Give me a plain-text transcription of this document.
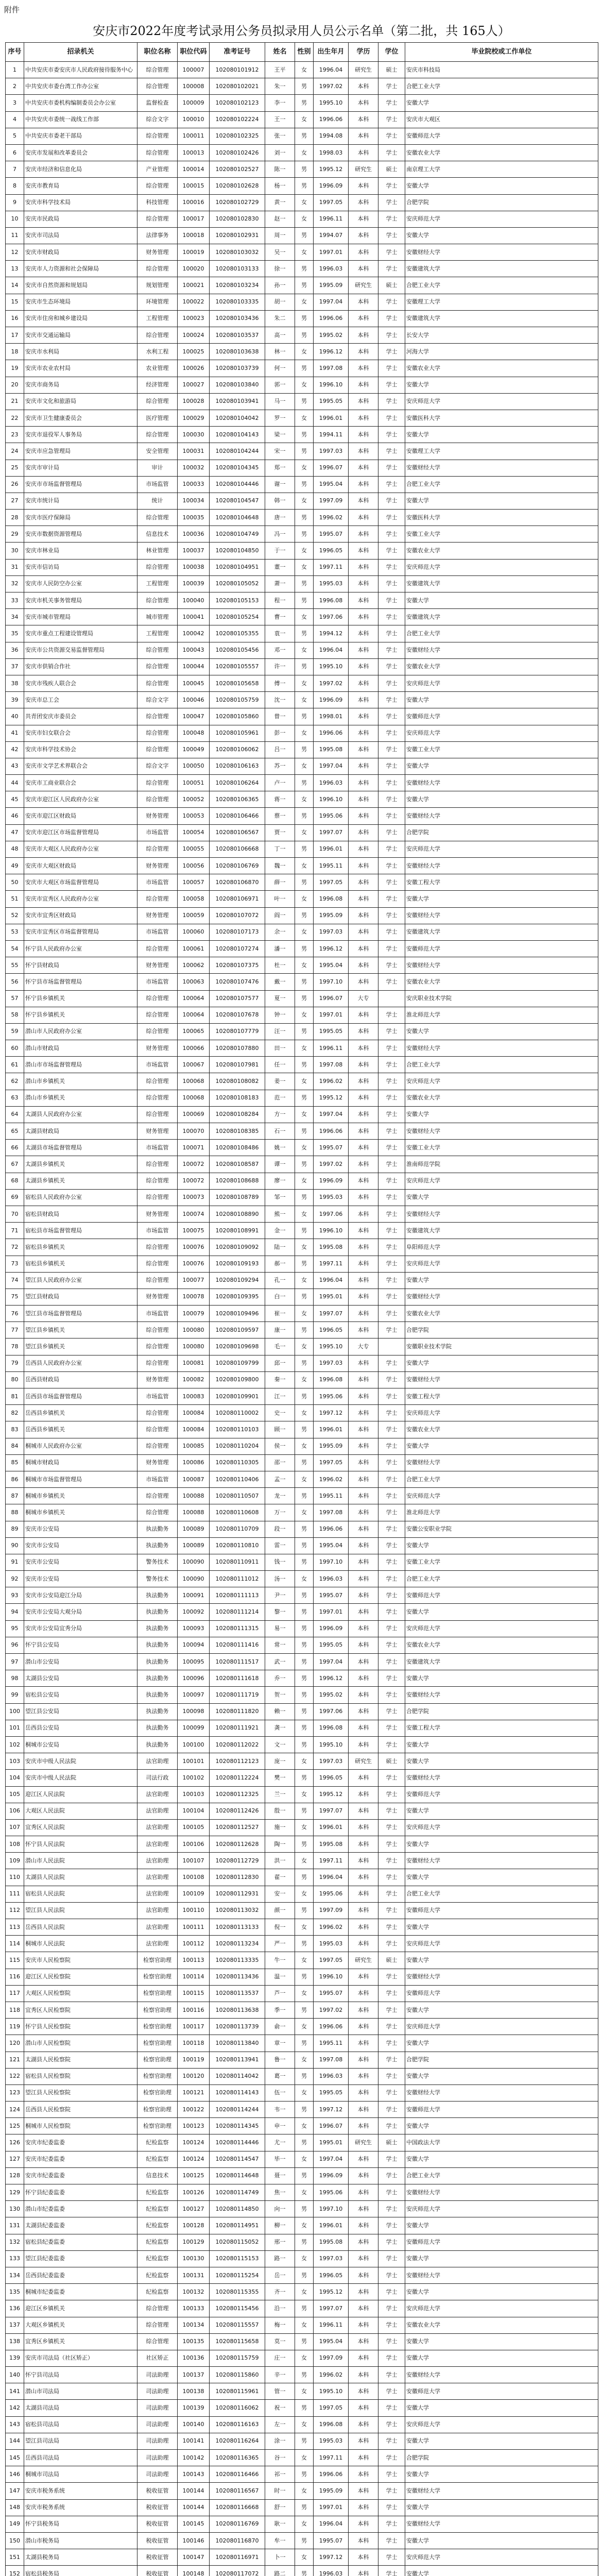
附件
安庆市2022年度考试录用公务员拟录用人员公示名单（第二批，共 165人）
序号	招录机关	职位名称	职位代码	准考证号	姓名	性别	出生年月	学历	学位	毕业院校或工作单位
1	中共安庆市委安庆市人民政府接待服务中心	综合管理	100007	102080101912	王平	女	1996.04	研究生	硕士	安庆市科技局
2	中共安庆市委台湾工作办公室	综合管理	100008	102080102021	朱一	男	1997.02	本科	学士	合肥工业大学
3	中共安庆市委机构编制委员会办公室	监督检查	100009	102080102123	李一	男	1995.10	本科	学士	安徽大学
4	中共安庆市委统一战线工作部	综合文字	100010	102080102224	王一	女	1996.06	本科	学士	安庆市大观区
5	中共安庆市委老干部局	综合管理	100011	102080102325	张一	男	1994.08	本科	学士	安徽师范大学
6	安庆市发展和改革委员会	综合管理	100013	102080102426	刘一	女	1998.03	本科	学士	安徽农业大学
7	安庆市经济和信息化局	产业管理	100014	102080102527	陈一	男	1995.12	研究生	硕士	南京理工大学
8	安庆市教育局	综合管理	100015	102080102628	杨一	男	1996.09	本科	学士	安徽大学
9	安庆市科学技术局	科技管理	100016	102080102729	黄一	女	1997.05	本科	学士	合肥学院
10	安庆市民政局	综合管理	100017	102080102830	赵一	女	1996.11	本科	学士	安庆师范大学
11	安庆市司法局	法律事务	100018	102080102931	周一	男	1994.07	本科	学士	安徽大学
12	安庆市财政局	财务管理	100019	102080103032	吴一	女	1997.01	本科	学士	安徽财经大学
13	安庆市人力资源和社会保障局	综合管理	100020	102080103133	徐一	男	1996.03	本科	学士	安徽建筑大学
14	安庆市自然资源和规划局	规划管理	100021	102080103234	孙一	男	1995.09	研究生	硕士	合肥工业大学
15	安庆市生态环境局	环境管理	100022	102080103335	胡一	女	1997.04	本科	学士	安徽理工大学
16	安庆市住房和城乡建设局	工程管理	100023	102080103436	朱二	男	1996.06	本科	学士	安徽建筑大学
17	安庆市交通运输局	综合管理	100024	102080103537	高一	男	1995.02	本科	学士	长安大学
18	安庆市水利局	水利工程	100025	102080103638	林一	女	1996.12	本科	学士	河海大学
19	安庆市农业农村局	农业管理	100026	102080103739	何一	男	1997.08	本科	学士	安徽农业大学
20	安庆市商务局	经济管理	100027	102080103840	郭一	女	1996.10	本科	学士	安徽大学
21	安庆市文化和旅游局	综合管理	100028	102080103941	马一	男	1995.05	本科	学士	安庆师范大学
22	安庆市卫生健康委员会	医疗管理	100029	102080104042	罗一	女	1996.01	本科	学士	安徽医科大学
23	安庆市退役军人事务局	综合管理	100030	102080104143	梁一	男	1994.11	本科	学士	安徽大学
24	安庆市应急管理局	安全管理	100031	102080104244	宋一	男	1997.03	本科	学士	安徽理工大学
25	安庆市审计局	审计	100032	102080104345	郑一	女	1996.07	本科	学士	安徽财经大学
26	安庆市市场监督管理局	市场监管	100033	102080104446	谢一	男	1995.04	本科	学士	合肥工业大学
27	安庆市统计局	统计	100034	102080104547	韩一	女	1997.09	本科	学士	安徽大学
28	安庆市医疗保障局	综合管理	100035	102080104648	唐一	男	1996.02	本科	学士	安徽医科大学
29	安庆市数据资源管理局	信息技术	100036	102080104749	冯一	男	1995.07	本科	学士	安徽工业大学
30	安庆市林业局	林业管理	100037	102080104850	于一	女	1996.05	本科	学士	安徽农业大学
31	安庆市信访局	综合管理	100038	102080104951	董一	女	1997.11	本科	学士	安庆师范大学
32	安庆市人民防空办公室	工程管理	100039	102080105052	萧一	男	1995.03	本科	学士	安徽建筑大学
33	安庆市机关事务管理局	综合管理	100040	102080105153	程一	男	1996.08	本科	学士	安徽大学
34	安庆市城市管理局	城市管理	100041	102080105254	曹一	女	1997.06	本科	学士	安徽建筑大学
35	安庆市重点工程建设管理局	工程管理	100042	102080105355	袁一	男	1994.12	本科	学士	合肥工业大学
36	安庆市公共资源交易监督管理局	综合管理	100043	102080105456	邓一	女	1996.04	本科	学士	安徽财经大学
37	安庆市供销合作社	综合管理	100044	102080105557	许一	男	1995.10	本科	学士	安徽农业大学
38	安庆市残疾人联合会	综合管理	100045	102080105658	傅一	女	1997.02	本科	学士	安庆师范大学
39	安庆市总工会	综合文字	100046	102080105759	沈一	女	1996.09	本科	学士	安徽大学
40	共青团安庆市委员会	综合管理	100047	102080105860	曾一	男	1998.01	本科	学士	安徽师范大学
41	安庆市妇女联合会	综合管理	100048	102080105961	彭一	女	1996.06	本科	学士	安庆师范大学
42	安庆市科学技术协会	综合管理	100049	102080106062	吕一	男	1995.08	本科	学士	安徽工业大学
43	安庆市文学艺术界联合会	综合文字	100050	102080106163	苏一	女	1997.04	本科	学士	安徽大学
44	安庆市工商业联合会	综合管理	100051	102080106264	卢一	男	1996.03	本科	学士	安徽财经大学
45	安庆市迎江区人民政府办公室	综合管理	100052	102080106365	蒋一	女	1996.10	本科	学士	安徽大学
46	安庆市迎江区财政局	财务管理	100053	102080106466	蔡一	男	1995.06	本科	学士	安徽财经大学
47	安庆市迎江区市场监督管理局	市场监管	100054	102080106567	贾一	女	1997.07	本科	学士	合肥学院
48	安庆市大观区人民政府办公室	综合管理	100055	102080106668	丁一	男	1996.01	本科	学士	安庆师范大学
49	安庆市大观区财政局	财务管理	100056	102080106769	魏一	女	1995.11	本科	学士	安徽财经大学
50	安庆市大观区市场监督管理局	市场监管	100057	102080106870	薛一	男	1997.05	本科	学士	安徽工程大学
51	安庆市宜秀区人民政府办公室	综合管理	100058	102080106971	叶一	女	1996.08	本科	学士	安徽大学
52	安庆市宜秀区财政局	财务管理	100059	102080107072	阎一	男	1995.09	本科	学士	安徽财经大学
53	安庆市宜秀区市场监督管理局	市场监管	100060	102080107173	余一	女	1997.03	本科	学士	安徽建筑大学
54	怀宁县人民政府办公室	综合管理	100061	102080107274	潘一	男	1996.12	本科	学士	安徽师范大学
55	怀宁县财政局	财务管理	100062	102080107375	杜一	女	1995.04	本科	学士	安徽财经大学
56	怀宁县市场监督管理局	市场监管	100063	102080107476	戴一	男	1997.10	本科	学士	安徽农业大学
57	怀宁县乡镇机关	综合管理	100064	102080107577	夏一	男	1996.07	大专		安庆职业技术学院
58	怀宁县乡镇机关	综合管理	100064	102080107678	钟一	女	1997.01	本科	学士	淮北师范大学
59	潜山市人民政府办公室	综合管理	100065	102080107779	汪一	男	1995.05	本科	学士	安徽大学
60	潜山市财政局	财务管理	100066	102080107880	田一	女	1996.11	本科	学士	安徽财经大学
61	潜山市市场监督管理局	市场监管	100067	102080107981	任一	男	1997.08	本科	学士	合肥工业大学
62	潜山市乡镇机关	综合管理	100068	102080108082	姜一	女	1996.02	本科	学士	安庆师范大学
63	潜山市乡镇机关	综合管理	100068	102080108183	范一	男	1995.12	本科	学士	安徽农业大学
64	太湖县人民政府办公室	综合管理	100069	102080108284	方一	女	1997.04	本科	学士	安徽大学
65	太湖县财政局	财务管理	100070	102080108385	石一	男	1996.06	本科	学士	安徽财经大学
66	太湖县市场监督管理局	市场监管	100071	102080108486	姚一	女	1995.07	本科	学士	安徽工业大学
67	太湖县乡镇机关	综合管理	100072	102080108587	谭一	男	1997.02	本科	学士	淮南师范学院
68	太湖县乡镇机关	综合管理	100072	102080108688	廖一	女	1996.09	本科	学士	安庆师范大学
69	宿松县人民政府办公室	综合管理	100073	102080108789	邹一	男	1995.03	本科	学士	安徽大学
70	宿松县财政局	财务管理	100074	102080108890	熊一	女	1997.06	本科	学士	安徽财经大学
71	宿松县市场监督管理局	市场监管	100075	102080108991	金一	男	1996.10	本科	学士	安徽建筑大学
72	宿松县乡镇机关	综合管理	100076	102080109092	陆一	女	1995.08	本科	学士	阜阳师范大学
73	宿松县乡镇机关	综合管理	100076	102080109193	郝一	男	1997.11	本科	学士	安庆师范大学
74	望江县人民政府办公室	综合管理	100077	102080109294	孔一	女	1996.04	本科	学士	安徽大学
75	望江县财政局	财务管理	100078	102080109395	白一	男	1995.01	本科	学士	安徽财经大学
76	望江县市场监督管理局	市场监管	100079	102080109496	崔一	女	1997.07	本科	学士	安徽农业大学
77	望江县乡镇机关	综合管理	100080	102080109597	康一	男	1996.05	本科	学士	合肥学院
78	望江县乡镇机关	综合管理	100080	102080109698	毛一	女	1995.10	大专		安徽职业技术学院
79	岳西县人民政府办公室	综合管理	100081	102080109799	邱一	男	1997.03	本科	学士	安徽大学
80	岳西县财政局	财务管理	100082	102080109800	秦一	女	1996.08	本科	学士	安徽财经大学
81	岳西县市场监督管理局	市场监管	100083	102080109901	江一	男	1995.06	本科	学士	安徽工程大学
82	岳西县乡镇机关	综合管理	100084	102080110002	史一	女	1997.12	本科	学士	安庆师范大学
83	岳西县乡镇机关	综合管理	100084	102080110103	顾一	男	1996.01	本科	学士	安徽农业大学
84	桐城市人民政府办公室	综合管理	100085	102080110204	侯一	女	1995.09	本科	学士	安徽大学
85	桐城市财政局	财务管理	100086	102080110305	邵一	男	1997.05	本科	学士	安徽财经大学
86	桐城市市场监督管理局	市场监管	100087	102080110406	孟一	女	1996.02	本科	学士	合肥工业大学
87	桐城市乡镇机关	综合管理	100088	102080110507	龙一	男	1995.11	本科	学士	安庆师范大学
88	桐城市乡镇机关	综合管理	100088	102080110608	万一	女	1997.08	本科	学士	淮北师范大学
89	安庆市公安局	执法勤务	100089	102080110709	段一	男	1996.06	本科	学士	安徽公安职业学院
90	安庆市公安局	执法勤务	100089	102080110810	雷一	男	1995.04	本科	学士	安徽大学
91	安庆市公安局	警务技术	100090	102080110911	钱一	男	1997.10	本科	学士	安徽工业大学
92	安庆市公安局	警务技术	100090	102080111012	汤一	女	1996.03	本科	学士	合肥工业大学
93	安庆市公安局迎江分局	执法勤务	100091	102080111113	尹一	男	1995.07	本科	学士	安徽师范大学
94	安庆市公安局大观分局	执法勤务	100092	102080111214	黎一	男	1997.01	本科	学士	安徽大学
95	安庆市公安局宜秀分局	执法勤务	100093	102080111315	易一	男	1996.09	本科	学士	安庆师范大学
96	怀宁县公安局	执法勤务	100094	102080111416	常一	男	1995.05	本科	学士	安徽农业大学
97	潜山市公安局	执法勤务	100095	102080111517	武一	男	1997.04	本科	学士	安徽建筑大学
98	太湖县公安局	执法勤务	100096	102080111618	乔一	男	1996.12	本科	学士	安徽大学
99	宿松县公安局	执法勤务	100097	102080111719	贺一	男	1995.02	本科	学士	安徽财经大学
100	望江县公安局	执法勤务	100098	102080111820	赖一	男	1997.06	本科	学士	合肥学院
101	岳西县公安局	执法勤务	100099	102080111921	龚一	男	1996.08	本科	学士	安徽工程大学
102	桐城市公安局	执法勤务	100100	102080112022	文一	男	1995.10	本科	学士	安徽大学
103	安庆市中级人民法院	法官助理	100101	102080112123	庞一	女	1997.03	研究生	硕士	安徽大学
104	安庆市中级人民法院	司法行政	100102	102080112224	樊一	男	1996.05	本科	学士	安徽财经大学
105	迎江区人民法院	法官助理	100103	102080112325	兰一	女	1995.12	本科	学士	安徽师范大学
106	大观区人民法院	法官助理	100104	102080112426	殷一	男	1997.07	本科	学士	安徽大学
107	宜秀区人民法院	法官助理	100105	102080112527	施一	女	1996.01	本科	学士	安庆师范大学
108	怀宁县人民法院	法官助理	100106	102080112628	陶一	男	1995.08	本科	学士	安徽大学
109	潜山市人民法院	法官助理	100107	102080112729	洪一	女	1997.11	本科	学士	安徽财经大学
110	太湖县人民法院	法官助理	100108	102080112830	翟一	男	1996.04	本科	学士	安徽大学
111	宿松县人民法院	法官助理	100109	102080112931	安一	女	1995.06	本科	学士	合肥工业大学
112	望江县人民法院	法官助理	100110	102080113032	颜一	男	1997.09	本科	学士	安徽师范大学
113	岳西县人民法院	法官助理	100111	102080113133	倪一	女	1996.02	本科	学士	安徽大学
114	桐城市人民法院	法官助理	100112	102080113234	严一	男	1995.03	本科	学士	安庆师范大学
115	安庆市人民检察院	检察官助理	100113	102080113335	牛一	女	1997.05	研究生	硕士	安徽大学
116	迎江区人民检察院	检察官助理	100114	102080113436	温一	男	1996.10	本科	学士	安徽财经大学
117	大观区人民检察院	检察官助理	100115	102080113537	芦一	女	1995.07	本科	学士	安徽师范大学
118	宜秀区人民检察院	检察官助理	100116	102080113638	季一	男	1997.02	本科	学士	安徽大学
119	怀宁县人民检察院	检察官助理	100117	102080113739	俞一	女	1996.06	本科	学士	安庆师范大学
120	潜山市人民检察院	检察官助理	100118	102080113840	章一	男	1995.11	本科	学士	安徽大学
121	太湖县人民检察院	检察官助理	100119	102080113941	鲁一	女	1997.08	本科	学士	合肥学院
122	宿松县人民检察院	检察官助理	100120	102080114042	葛一	男	1996.03	本科	学士	安徽大学
123	望江县人民检察院	检察官助理	100121	102080114143	伍一	女	1995.05	本科	学士	安徽财经大学
124	岳西县人民检察院	检察官助理	100122	102080114244	韦一	男	1997.12	本科	学士	安徽师范大学
125	桐城市人民检察院	检察官助理	100123	102080114345	申一	女	1996.07	本科	学士	安徽大学
126	安庆市纪委监委	纪检监察	100124	102080114446	尤一	男	1995.01	研究生	硕士	中国政法大学
127	安庆市纪委监委	纪检监察	100124	102080114547	毕一	女	1997.04	本科	学士	安徽大学
128	安庆市纪委监委	信息技术	100125	102080114648	聂一	男	1996.09	本科	学士	合肥工业大学
129	怀宁县纪委监委	纪检监察	100126	102080114749	焦一	女	1995.06	本科	学士	安徽财经大学
130	潜山市纪委监委	纪检监察	100127	102080114850	向一	男	1997.10	本科	学士	安庆师范大学
131	太湖县纪委监委	纪检监察	100128	102080114951	柳一	女	1996.01	本科	学士	安徽大学
132	宿松县纪委监委	纪检监察	100129	102080115052	邢一	男	1995.08	本科	学士	安徽师范大学
133	望江县纪委监委	纪检监察	100130	102080115153	路一	女	1997.03	本科	学士	安徽大学
134	岳西县纪委监委	纪检监察	100131	102080115254	岳一	男	1996.05	本科	学士	安徽财经大学
135	桐城市纪委监委	纪检监察	100132	102080115355	齐一	女	1995.12	本科	学士	安徽大学
136	迎江区乡镇机关	综合管理	100133	102080115456	沿一	男	1997.07	本科	学士	安庆师范大学
137	大观区乡镇机关	综合管理	100134	102080115557	梅一	女	1996.11	本科	学士	安徽农业大学
138	宜秀区乡镇机关	综合管理	100135	102080115658	莫一	男	1995.04	本科	学士	安徽大学
139	安庆市司法局（社区矫正）	社区矫正	100136	102080115759	庄一	女	1997.09	本科	学士	安徽大学
140	怀宁县司法局	司法助理	100137	102080115860	辛一	男	1996.02	本科	学士	安徽财经大学
141	潜山市司法局	司法助理	100138	102080115961	管一	女	1995.10	本科	学士	安徽师范大学
142	太湖县司法局	司法助理	100139	102080116062	祝一	男	1997.05	本科	学士	安徽大学
143	宿松县司法局	司法助理	100140	102080116163	左一	女	1996.08	本科	学士	安庆师范大学
144	望江县司法局	司法助理	100141	102080116264	涂一	男	1995.03	本科	学士	安徽大学
145	岳西县司法局	司法助理	100142	102080116365	谷一	女	1997.11	本科	学士	合肥学院
146	桐城市司法局	司法助理	100143	102080116466	祁一	男	1996.06	本科	学士	安徽大学
147	安庆市税务系统	税收征管	100144	102080116567	时一	女	1995.09	本科	学士	安徽财经大学
148	安庆市税务系统	税收征管	100144	102080116668	舒一	男	1997.01	本科	学士	安徽大学
149	怀宁县税务局	税收征管	100145	102080116769	耿一	女	1996.04	本科	学士	安徽财经大学
150	潜山市税务局	税收征管	100146	102080116870	牟一	男	1995.07	本科	学士	安徽大学
151	太湖县税务局	税收征管	100147	102080116971	卜一	女	1997.12	本科	学士	安庆师范大学
152	宿松县税务局	税收征管	100148	102080117072	路二	男	1996.03	本科	学士	安徽大学
